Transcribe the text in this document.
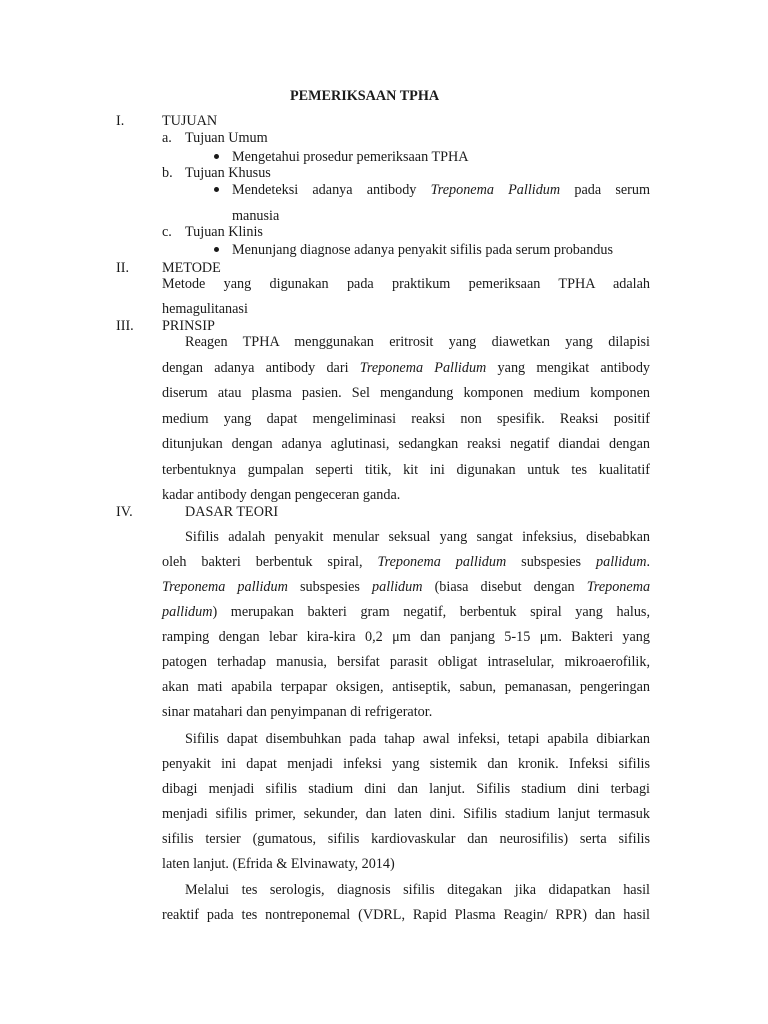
PEMERIKSAAN TPHA
I.	TUJUAN
a. Tujuan Umum
Mengetahui prosedur pemeriksaan TPHA
b. Tujuan Khusus
Mendeteksi adanya antibody Treponema Pallidum pada serum
manusia
c. Tujuan Klinis
Menunjang diagnose adanya penyakit sifilis pada serum probandus
II. METODE
Metode yang digunakan pada praktikum pemeriksaan TPHA adalah
hemagulitanasi
III. PRINSIP
Reagen TPHA menggunakan eritrosit yang diawetkan yang dilapisi
dengan adanya antibody dari Treponema Pallidum yang mengikat antibody
diserum atau plasma pasien. Sel mengandung komponen medium komponen
medium yang dapat mengeliminasi reaksi non spesifik. Reaksi positif
ditunjukan dengan adanya aglutinasi, sedangkan reaksi negatif diandai dengan
terbentuknya gumpalan seperti titik, kit ini digunakan untuk tes kualitatif
kadar antibody dengan pengeceran ganda.
IV.	DASAR TEORI
Sifilis adalah penyakit menular seksual yang sangat infeksius, disebabkan
oleh bakteri berbentuk spiral, Treponema pallidum subspesies pallidum.
Treponema pallidum subspesies pallidum (biasa disebut dengan Treponema
pallidum) merupakan bakteri gram negatif, berbentuk spiral yang halus,
ramping dengan lebar kira-kira 0,2 μm dan panjang 5-15 μm. Bakteri yang
patogen terhadap manusia, bersifat parasit obligat intraselular, mikroaerofilik,
akan mati apabila terpapar oksigen, antiseptik, sabun, pemanasan, pengeringan
sinar matahari dan penyimpanan di refrigerator.
Sifilis dapat disembuhkan pada tahap awal infeksi, tetapi apabila dibiarkan
penyakit ini dapat menjadi infeksi yang sistemik dan kronik. Infeksi sifilis
dibagi menjadi sifilis stadium dini dan lanjut. Sifilis stadium dini terbagi
menjadi sifilis primer, sekunder, dan laten dini. Sifilis stadium lanjut termasuk
sifilis tersier (gumatous, sifilis kardiovaskular dan neurosifilis) serta sifilis
laten lanjut. (Efrida & Elvinawaty, 2014)
Melalui tes serologis, diagnosis sifilis ditegakan jika didapatkan hasil
reaktif pada tes nontreponemal (VDRL, Rapid Plasma Reagin/ RPR) dan hasil
